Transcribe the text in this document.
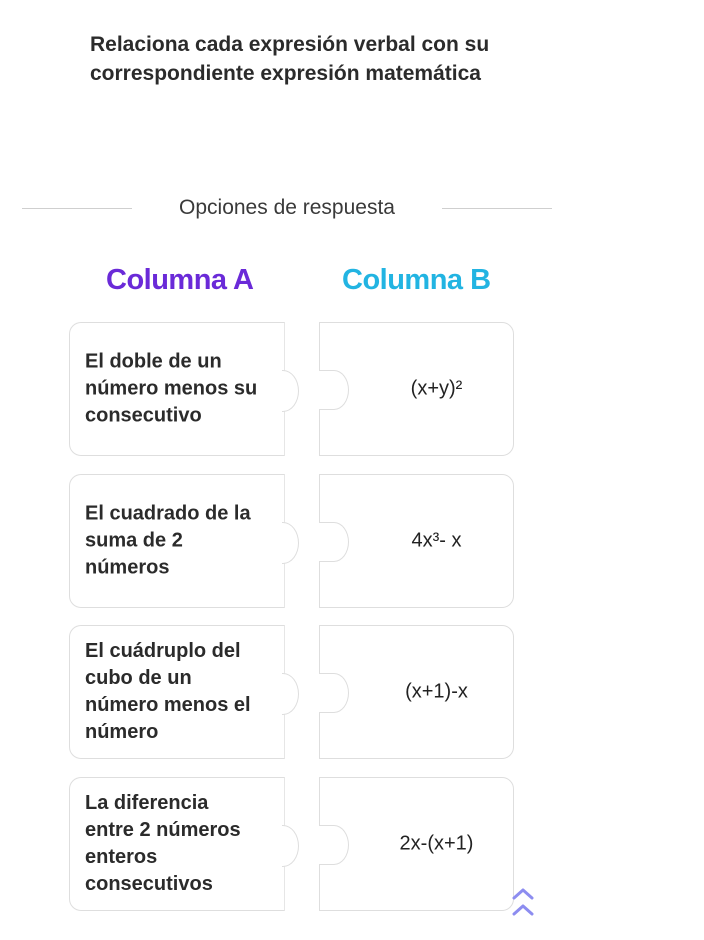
Relaciona cada expresión verbal con su
correspondiente expresión matemática
Opciones de respuesta
Columna A	Columna B
El doble de un
número menos su
consecutivo
(x+y)²
El cuadrado de la
suma de 2
números
4x³- x
El cuádruplo del
cubo de un
número menos el
número
(x+1)-x
La diferencia
entre 2 números
enteros
consecutivos
2x-(x+1)
